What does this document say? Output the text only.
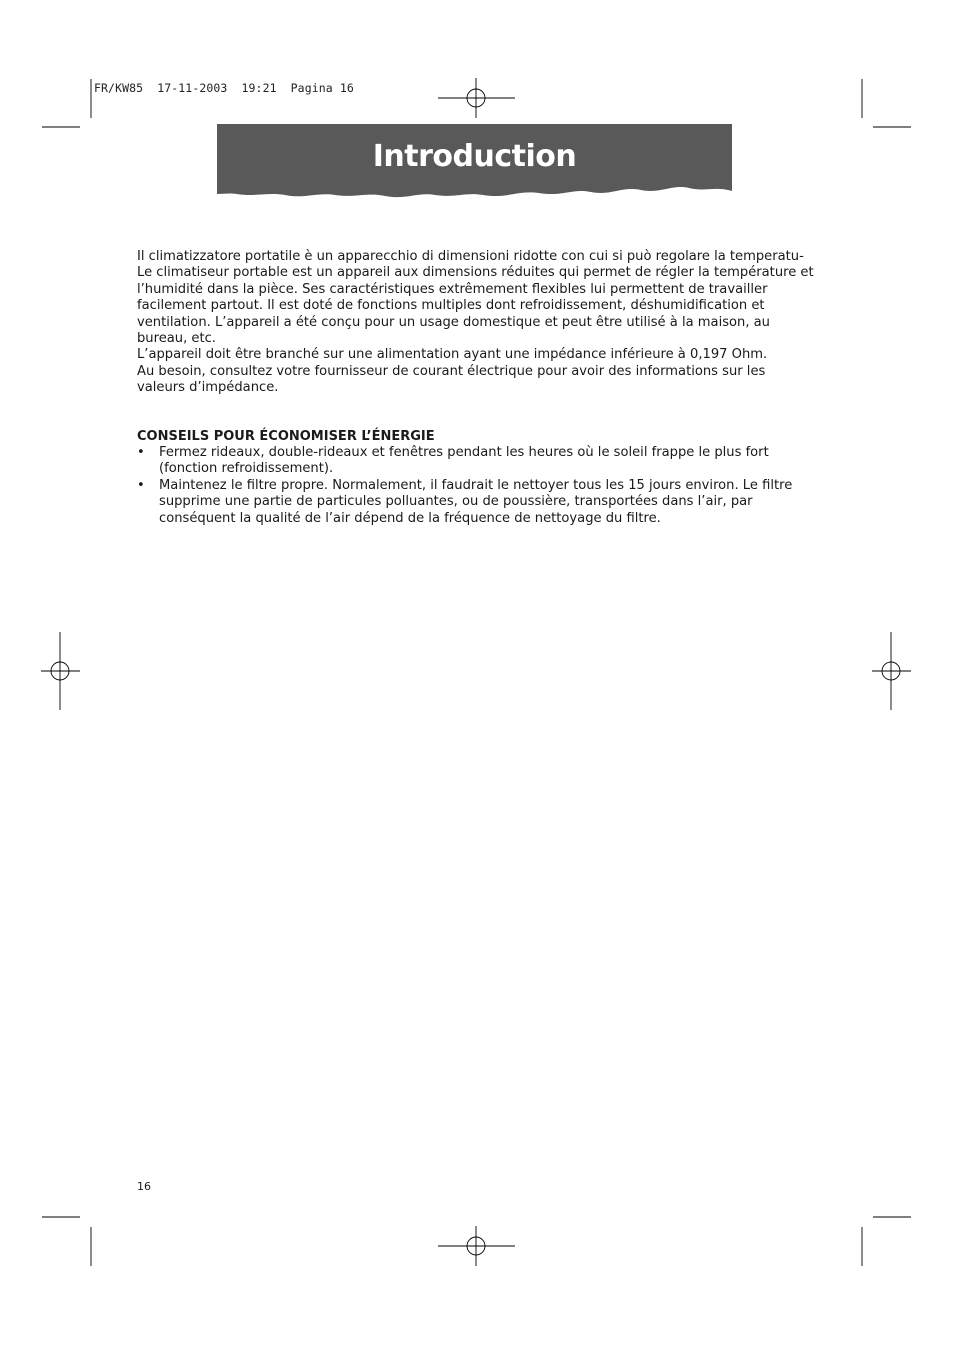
FR/KW85  17-11-2003  19:21  Pagina 16
Introduction

Il climatizzatore portatile è un apparecchio di dimensioni ridotte con cui si può regolare la temperatu-

Le climatiseur portable est un appareil aux dimensions réduites qui permet de régler la température et l’humidité dans la pièce. Ses caractéristiques extrêmement flexibles lui permettent de travailler facilement partout. Il est doté de fonctions multiples dont refroidissement, déshumidification et ventilation. L’appareil a été conçu pour un usage domestique et peut être utilisé à la maison, au bureau, etc.

L’appareil doit être branché sur une alimentation ayant une impédance inférieure à 0,197 Ohm.

Au besoin, consultez votre fournisseur de courant électrique pour avoir des informations sur les valeurs d’impédance.

CONSEILS POUR ÉCONOMISER L’ÉNERGIE
• Fermez rideaux, double-rideaux et fenêtres pendant les heures où le soleil frappe le plus fort (fonction refroidissement).
• Maintenez le filtre propre. Normalement, il faudrait le nettoyer tous les 15 jours environ. Le filtre supprime une partie de particules polluantes, ou de poussière, transportées dans l’air, par conséquent la qualité de l’air dépend de la fréquence de nettoyage du filtre.
16
